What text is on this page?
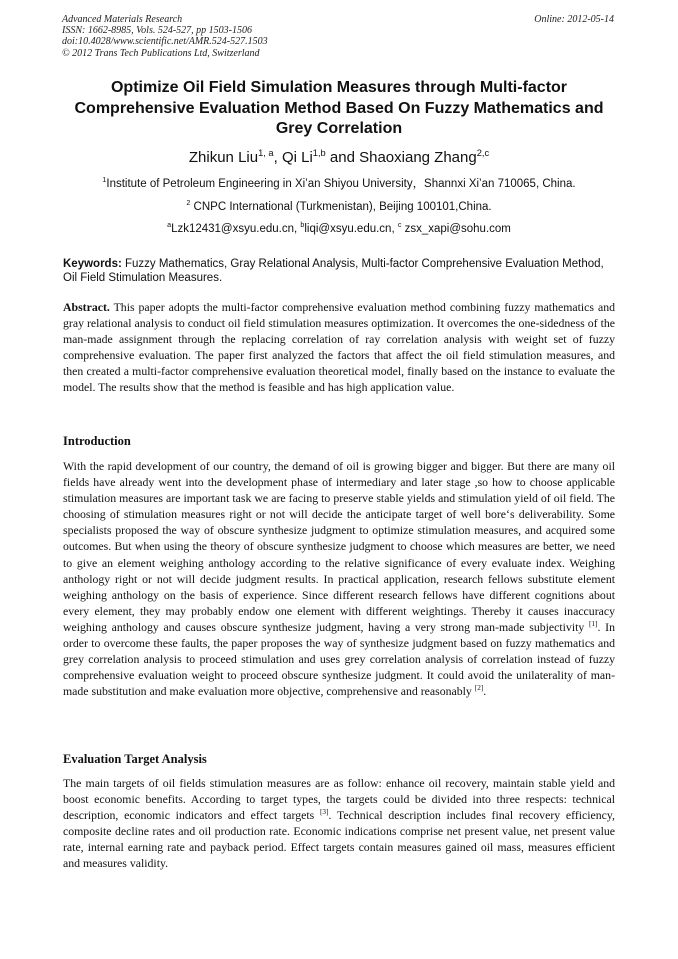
Advanced Materials Research
ISSN: 1662-8985, Vols. 524-527, pp 1503-1506
doi:10.4028/www.scientific.net/AMR.524-527.1503
© 2012 Trans Tech Publications Ltd, Switzerland
Online: 2012-05-14
Optimize Oil Field Simulation Measures through Multi-factor
Comprehensive Evaluation Method Based On Fuzzy Mathematics and
Grey Correlation
Zhikun Liu$^{1, a}$, Qi Li$^{1,b}$ and Shaoxiang Zhang$^{2,c}$
$^1$Institute of Petroleum Engineering in Xi’an Shiyou University，Shannxi Xi’an 710065, China.
$^2$ CNPC International (Turkmenistan), Beijing 100101,China.
$^a$Lzk12431@xsyu.edu.cn, $^b$liqi@xsyu.edu.cn, $^c$ zsx_xapi@sohu.com
Keywords: Fuzzy Mathematics, Gray Relational Analysis, Multi-factor Comprehensive Evaluation Method, Oil Field Stimulation Measures.
Abstract. This paper adopts the multi-factor comprehensive evaluation method combining fuzzy mathematics and gray relational analysis to conduct oil field stimulation measures optimization. It overcomes the one-sidedness of the man-made assignment through the replacing correlation of ray correlation analysis with weight set of fuzzy comprehensive evaluation. The paper first analyzed the factors that affect the oil field stimulation measures, and then created a multi-factor comprehensive evaluation theoretical model, finally based on the instance to evaluate the model. The results show that the method is feasible and has high application value.
Introduction
With the rapid development of our country, the demand of oil is growing bigger and bigger. But there are many oil fields have already went into the development phase of intermediary and later stage ,so how to choose applicable stimulation measures are important task we are facing to preserve stable yields and stimulation yield of oil field. The choosing of stimulation measures right or not will decide the anticipate target of well bore‘s deliverability. Some specialists proposed the way of obscure synthesize judgment to optimize stimulation measures, and acquired some outcomes. But when using the theory of obscure synthesize judgment to choose which measures are better, we need to give an element weighing anthology according to the relative significance of every evaluate index. Weighing anthology right or not will decide judgment results. In practical application, research fellows substitute element weighing anthology on the basis of experience. Since different research fellows have different cognitions about every element, they may probably endow one element with different weightings. Thereby it causes inaccuracy weighing anthology and causes obscure synthesize judgment, having a very strong man-made subjectivity [1]. In order to overcome these faults, the paper proposes the way of synthesize judgment based on fuzzy mathematics and grey correlation analysis to proceed stimulation and uses grey correlation analysis of correlation instead of fuzzy comprehensive evaluation weight to proceed obscure synthesize judgment. It could avoid the unilaterality of man-made substitution and make evaluation more objective, comprehensive and reasonably [2].
Evaluation Target Analysis
The main targets of oil fields stimulation measures are as follow: enhance oil recovery, maintain stable yield and boost economic benefits. According to target types, the targets could be divided into three respects: technical description, economic indicators and effect targets [3]. Technical description includes final recovery efficiency, composite decline rates and oil production rate. Economic indications comprise net present value, net present value rate, internal earning rate and payback period. Effect targets contain measures gained oil mass, measures efficient and measures validity.
